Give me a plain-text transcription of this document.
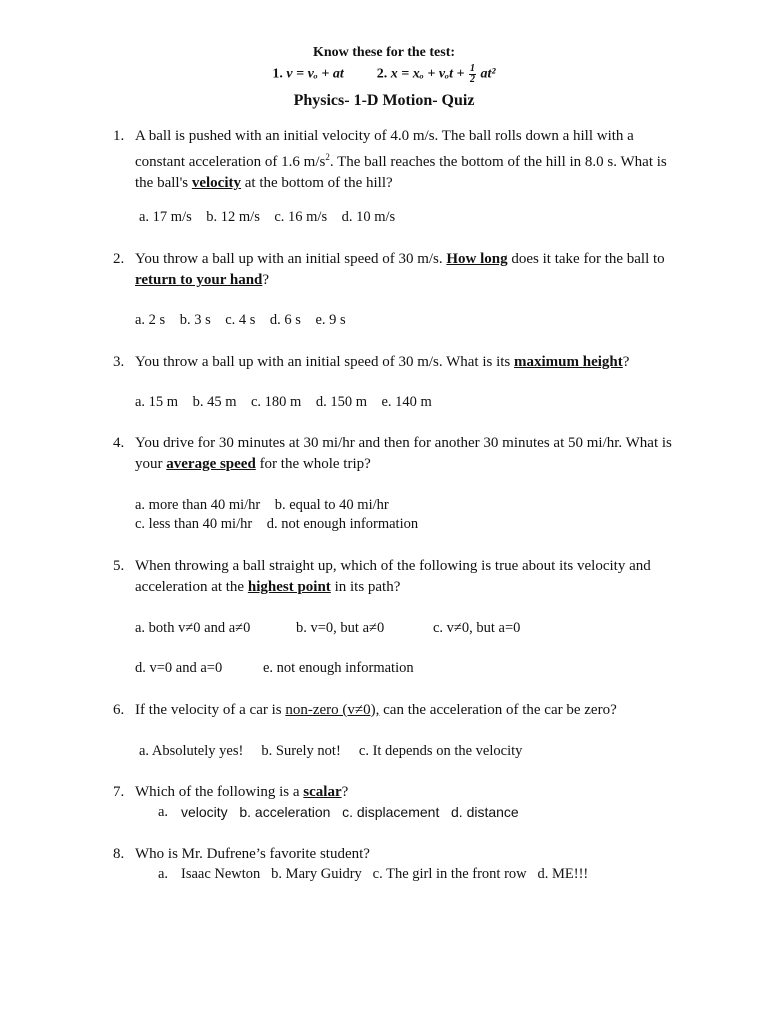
Know these for the test:
1. v = vₒ + at 2. $x = x_o + v_ot + \frac{1}{2} at^2$
Physics- 1-D Motion- Quiz
1. A ball is pushed with an initial velocity of 4.0 m/s. The ball rolls down a hill with a constant acceleration of 1.6 $m/s^2$. The ball reaches the bottom of the hill in 8.0 s. What is the ball's velocity at the bottom of the hill?
a. 17 m/s    b. 12 m/s    c. 16 m/s    d. 10 m/s
2. You throw a ball up with an initial speed of 30 m/s. How long does it take for the ball to return to your hand?
a. 2 s    b. 3 s    c. 4 s    d. 6 s    e. 9 s
3. You throw a ball up with an initial speed of 30 m/s. What is its maximum height?
a. 15 m    b. 45 m    c. 180 m    d. 150 m    e. 140 m
4. You drive for 30 minutes at 30 mi/hr and then for another 30 minutes at 50 mi/hr. What is your average speed for the whole trip?
a. more than 40 mi/hr    b. equal to 40 mi/hr
c. less than 40 mi/hr    d. not enough information
5. When throwing a ball straight up, which of the following is true about its velocity and acceleration at the highest point in its path?
a. both v≠0 and a≠0	b. v=0, but a≠0	c. v≠0, but a=0
d. v=0 and a=0	e. not enough information
6. If the velocity of a car is non-zero (v≠0), can the acceleration of the car be zero?
a. Absolutely yes!     b. Surely not!     c. It depends on the velocity
7. Which of the following is a scalar?
a. velocity   b. acceleration   c. displacement   d. distance
8. Who is Mr. Dufrene’s favorite student?
a. Isaac Newton   b. Mary Guidry   c. The girl in the front row   d. ME!!!
